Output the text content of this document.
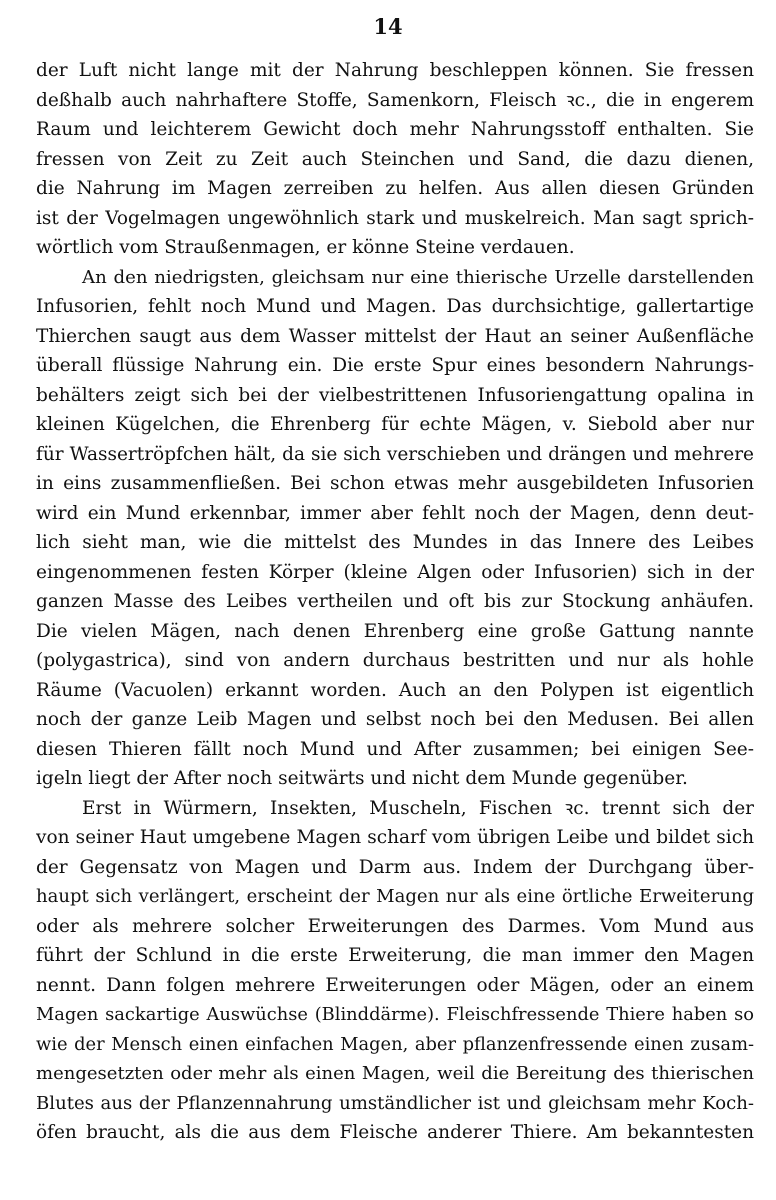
14
der Luft nicht lange mit der Nahrung beschleppen können. Sie fressen
deßhalb auch nahrhaftere Stoffe, Samenkorn, Fleisch ꝛc., die in engerem
Raum und leichterem Gewicht doch mehr Nahrungsstoff enthalten. Sie
fressen von Zeit zu Zeit auch Steinchen und Sand, die dazu dienen,
die Nahrung im Magen zerreiben zu helfen. Aus allen diesen Gründen
ist der Vogelmagen ungewöhnlich stark und muskelreich. Man sagt sprich-
wörtlich vom Straußenmagen, er könne Steine verdauen.
An den niedrigsten, gleichsam nur eine thierische Urzelle darstellenden
Infusorien, fehlt noch Mund und Magen. Das durchsichtige, gallertartige
Thierchen saugt aus dem Wasser mittelst der Haut an seiner Außenfläche
überall flüssige Nahrung ein. Die erste Spur eines besondern Nahrungs-
behälters zeigt sich bei der vielbestrittenen Infusoriengattung opalina in
kleinen Kügelchen, die Ehrenberg für echte Mägen, v. Siebold aber nur
für Wassertröpfchen hält, da sie sich verschieben und drängen und mehrere
in eins zusammenfließen. Bei schon etwas mehr ausgebildeten Infusorien
wird ein Mund erkennbar, immer aber fehlt noch der Magen, denn deut-
lich sieht man, wie die mittelst des Mundes in das Innere des Leibes
eingenommenen festen Körper (kleine Algen oder Infusorien) sich in der
ganzen Masse des Leibes vertheilen und oft bis zur Stockung anhäufen.
Die vielen Mägen, nach denen Ehrenberg eine große Gattung nannte
(polygastrica), sind von andern durchaus bestritten und nur als hohle
Räume (Vacuolen) erkannt worden. Auch an den Polypen ist eigentlich
noch der ganze Leib Magen und selbst noch bei den Medusen. Bei allen
diesen Thieren fällt noch Mund und After zusammen; bei einigen See-
igeln liegt der After noch seitwärts und nicht dem Munde gegenüber.
Erst in Würmern, Insekten, Muscheln, Fischen ꝛc. trennt sich der
von seiner Haut umgebene Magen scharf vom übrigen Leibe und bildet sich
der Gegensatz von Magen und Darm aus. Indem der Durchgang über-
haupt sich verlängert, erscheint der Magen nur als eine örtliche Erweiterung
oder als mehrere solcher Erweiterungen des Darmes. Vom Mund aus
führt der Schlund in die erste Erweiterung, die man immer den Magen
nennt. Dann folgen mehrere Erweiterungen oder Mägen, oder an einem
Magen sackartige Auswüchse (Blinddärme). Fleischfressende Thiere haben so
wie der Mensch einen einfachen Magen, aber pflanzenfressende einen zusam-
mengesetzten oder mehr als einen Magen, weil die Bereitung des thierischen
Blutes aus der Pflanzennahrung umständlicher ist und gleichsam mehr Koch-
öfen braucht, als die aus dem Fleische anderer Thiere. Am bekanntesten
